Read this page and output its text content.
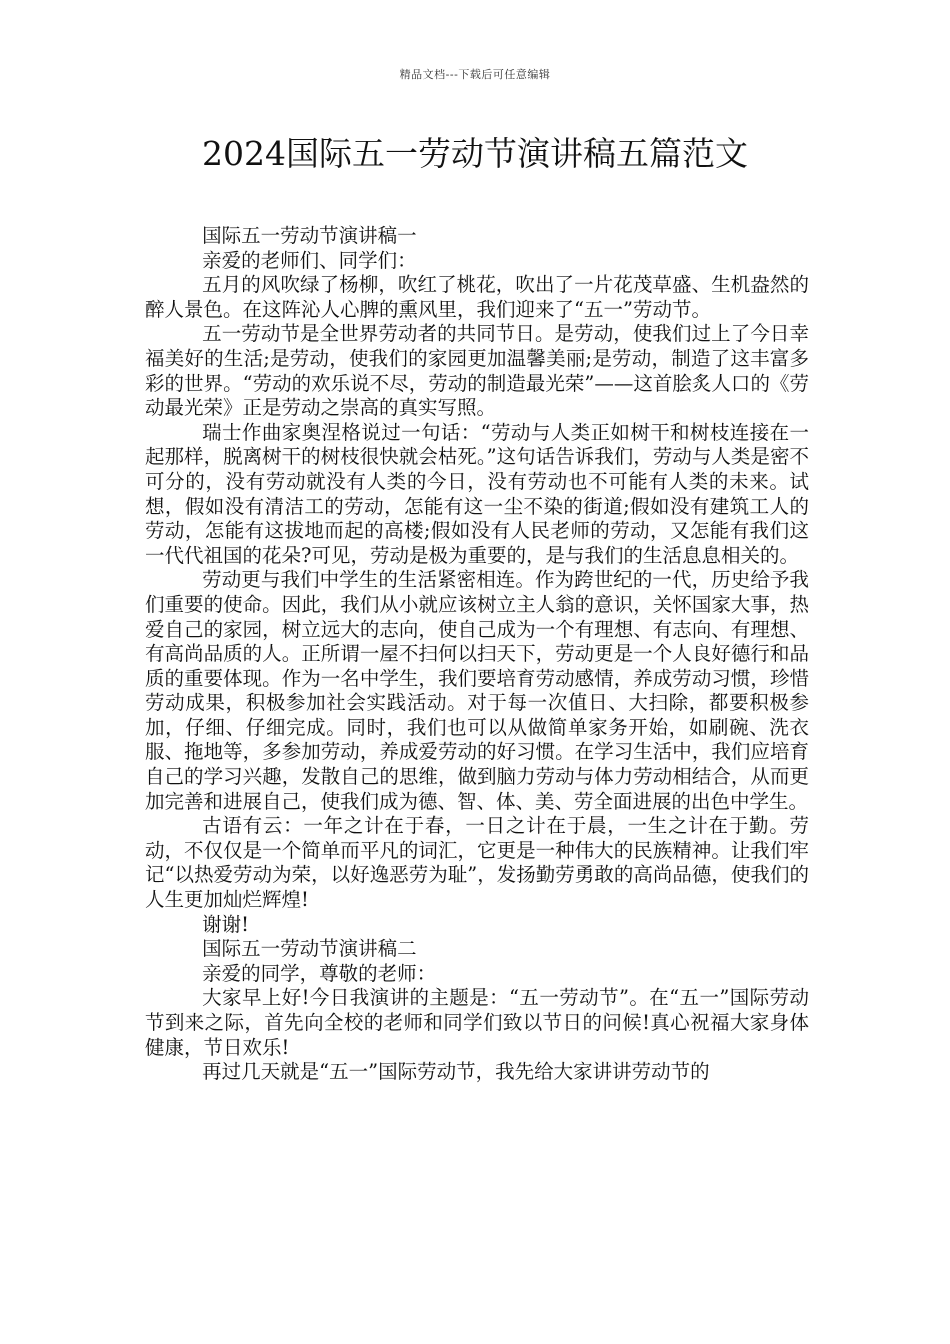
精品文档---下载后可任意编辑
2024国际五一劳动节演讲稿五篇范文

国际五一劳动节演讲稿一

亲爱的老师们、同学们：

五月的风吹绿了杨柳，吹红了桃花，吹出了一片花茂草盛、生机盎然的醉人景色。在这阵沁人心脾的熏风里，我们迎来了“五一”劳动节。

五一劳动节是全世界劳动者的共同节日。是劳动，使我们过上了今日幸福美好的生活;是劳动，使我们的家园更加温馨美丽;是劳动，制造了这丰富多彩的世界。“劳动的欢乐说不尽，劳动的制造最光荣”——这首脍炙人口的《劳动最光荣》正是劳动之崇高的真实写照。

瑞士作曲家奥涅格说过一句话：“劳动与人类正如树干和树枝连接在一起那样，脱离树干的树枝很快就会枯死。”这句话告诉我们，劳动与人类是密不可分的，没有劳动就没有人类的今日，没有劳动也不可能有人类的未来。试想，假如没有清洁工的劳动，怎能有这一尘不染的街道;假如没有建筑工人的劳动，怎能有这拔地而起的高楼;假如没有人民老师的劳动，又怎能有我们这一代代祖国的花朵?可见，劳动是极为重要的，是与我们的生活息息相关的。

劳动更与我们中学生的生活紧密相连。作为跨世纪的一代，历史给予我们重要的使命。因此，我们从小就应该树立主人翁的意识，关怀国家大事，热爱自己的家园，树立远大的志向，使自己成为一个有理想、有志向、有理想、有高尚品质的人。正所谓一屋不扫何以扫天下，劳动更是一个人良好德行和品质的重要体现。作为一名中学生，我们要培育劳动感情，养成劳动习惯，珍惜劳动成果，积极参加社会实践活动。对于每一次值日、大扫除，都要积极参加，仔细、仔细完成。同时，我们也可以从做简单家务开始，如刷碗、洗衣服、拖地等，多参加劳动，养成爱劳动的好习惯。在学习生活中，我们应培育自己的学习兴趣，发散自己的思维，做到脑力劳动与体力劳动相结合，从而更加完善和进展自己，使我们成为德、智、体、美、劳全面进展的出色中学生。

古语有云：一年之计在于春，一日之计在于晨，一生之计在于勤。劳动，不仅仅是一个简单而平凡的词汇，它更是一种伟大的民族精神。让我们牢记“以热爱劳动为荣，以好逸恶劳为耻”，发扬勤劳勇敢的高尚品德，使我们的人生更加灿烂辉煌!

谢谢!

国际五一劳动节演讲稿二

亲爱的同学，尊敬的老师：

大家早上好!今日我演讲的主题是：“五一劳动节”。在“五一”国际劳动节到来之际，首先向全校的老师和同学们致以节日的问候!真心祝福大家身体健康，节日欢乐!

再过几天就是“五一”国际劳动节，我先给大家讲讲劳动节的
